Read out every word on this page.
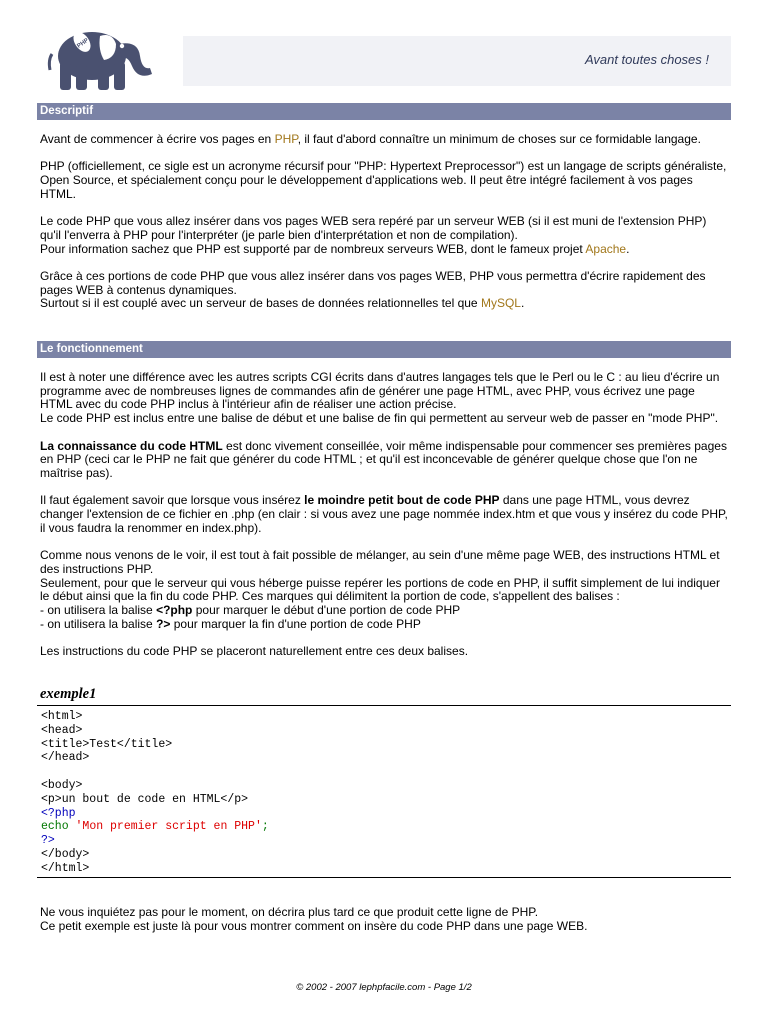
PHP
Avant toutes choses !
Descriptif

Avant de commencer à écrire vos pages en PHP, il faut d'abord connaître un minimum de choses sur ce formidable langage.

PHP (officiellement, ce sigle est un acronyme récursif pour "PHP: Hypertext Preprocessor") est un langage de scripts généraliste, Open Source, et spécialement conçu pour le développement d'applications web. Il peut être intégré facilement à vos pages HTML.

Le code PHP que vous allez insérer dans vos pages WEB sera repéré par un serveur WEB (si il est muni de l'extension PHP) qu'il l'enverra à PHP pour l'interpréter (je parle bien d'interprétation et non de compilation).
Pour information sachez que PHP est supporté par de nombreux serveurs WEB, dont le fameux projet Apache.

Grâce à ces portions de code PHP que vous allez insérer dans vos pages WEB, PHP vous permettra d'écrire rapidement des pages WEB à contenus dynamiques.
Surtout si il est couplé avec un serveur de bases de données relationnelles tel que MySQL.

Le fonctionnement

Il est à noter une différence avec les autres scripts CGI écrits dans d'autres langages tels que le Perl ou le C : au lieu d'écrire un programme avec de nombreuses lignes de commandes afin de générer une page HTML, avec PHP, vous écrivez une page HTML avec du code PHP inclus à l'intérieur afin de réaliser une action précise.
Le code PHP est inclus entre une balise de début et une balise de fin qui permettent au serveur web de passer en "mode PHP".

La connaissance du code HTML est donc vivement conseillée, voir même indispensable pour commencer ses premières pages en PHP (ceci car le PHP ne fait que générer du code HTML ; et qu'il est inconcevable de générer quelque chose que l'on ne maîtrise pas).

Il faut également savoir que lorsque vous insérez le moindre petit bout de code PHP dans une page HTML, vous devrez changer l'extension de ce fichier en .php (en clair : si vous avez une page nommée index.htm et que vous y insérez du code PHP, il vous faudra la renommer en index.php).

Comme nous venons de le voir, il est tout à fait possible de mélanger, au sein d'une même page WEB, des instructions HTML et des instructions PHP.
Seulement, pour que le serveur qui vous héberge puisse repérer les portions de code en PHP, il suffit simplement de lui indiquer le début ainsi que la fin du code PHP. Ces marques qui délimitent la portion de code, s'appellent des balises :
- on utilisera la balise <?php pour marquer le début d'une portion de code PHP
- on utilisera la balise ?> pour marquer la fin d'une portion de code PHP

Les instructions du code PHP se placeront naturellement entre ces deux balises.

exemple1
<html>
<head>
<title>Test</title>
</head>

<body>
<p>un bout de code en HTML</p>
<?php
echo 'Mon premier script en PHP';
?>
</body>
</html>

Ne vous inquiétez pas pour le moment, on décrira plus tard ce que produit cette ligne de PHP.
Ce petit exemple est juste là pour vous montrer comment on insère du code PHP dans une page WEB.

© 2002 - 2007 lephpfacile.com - Page 1/2
